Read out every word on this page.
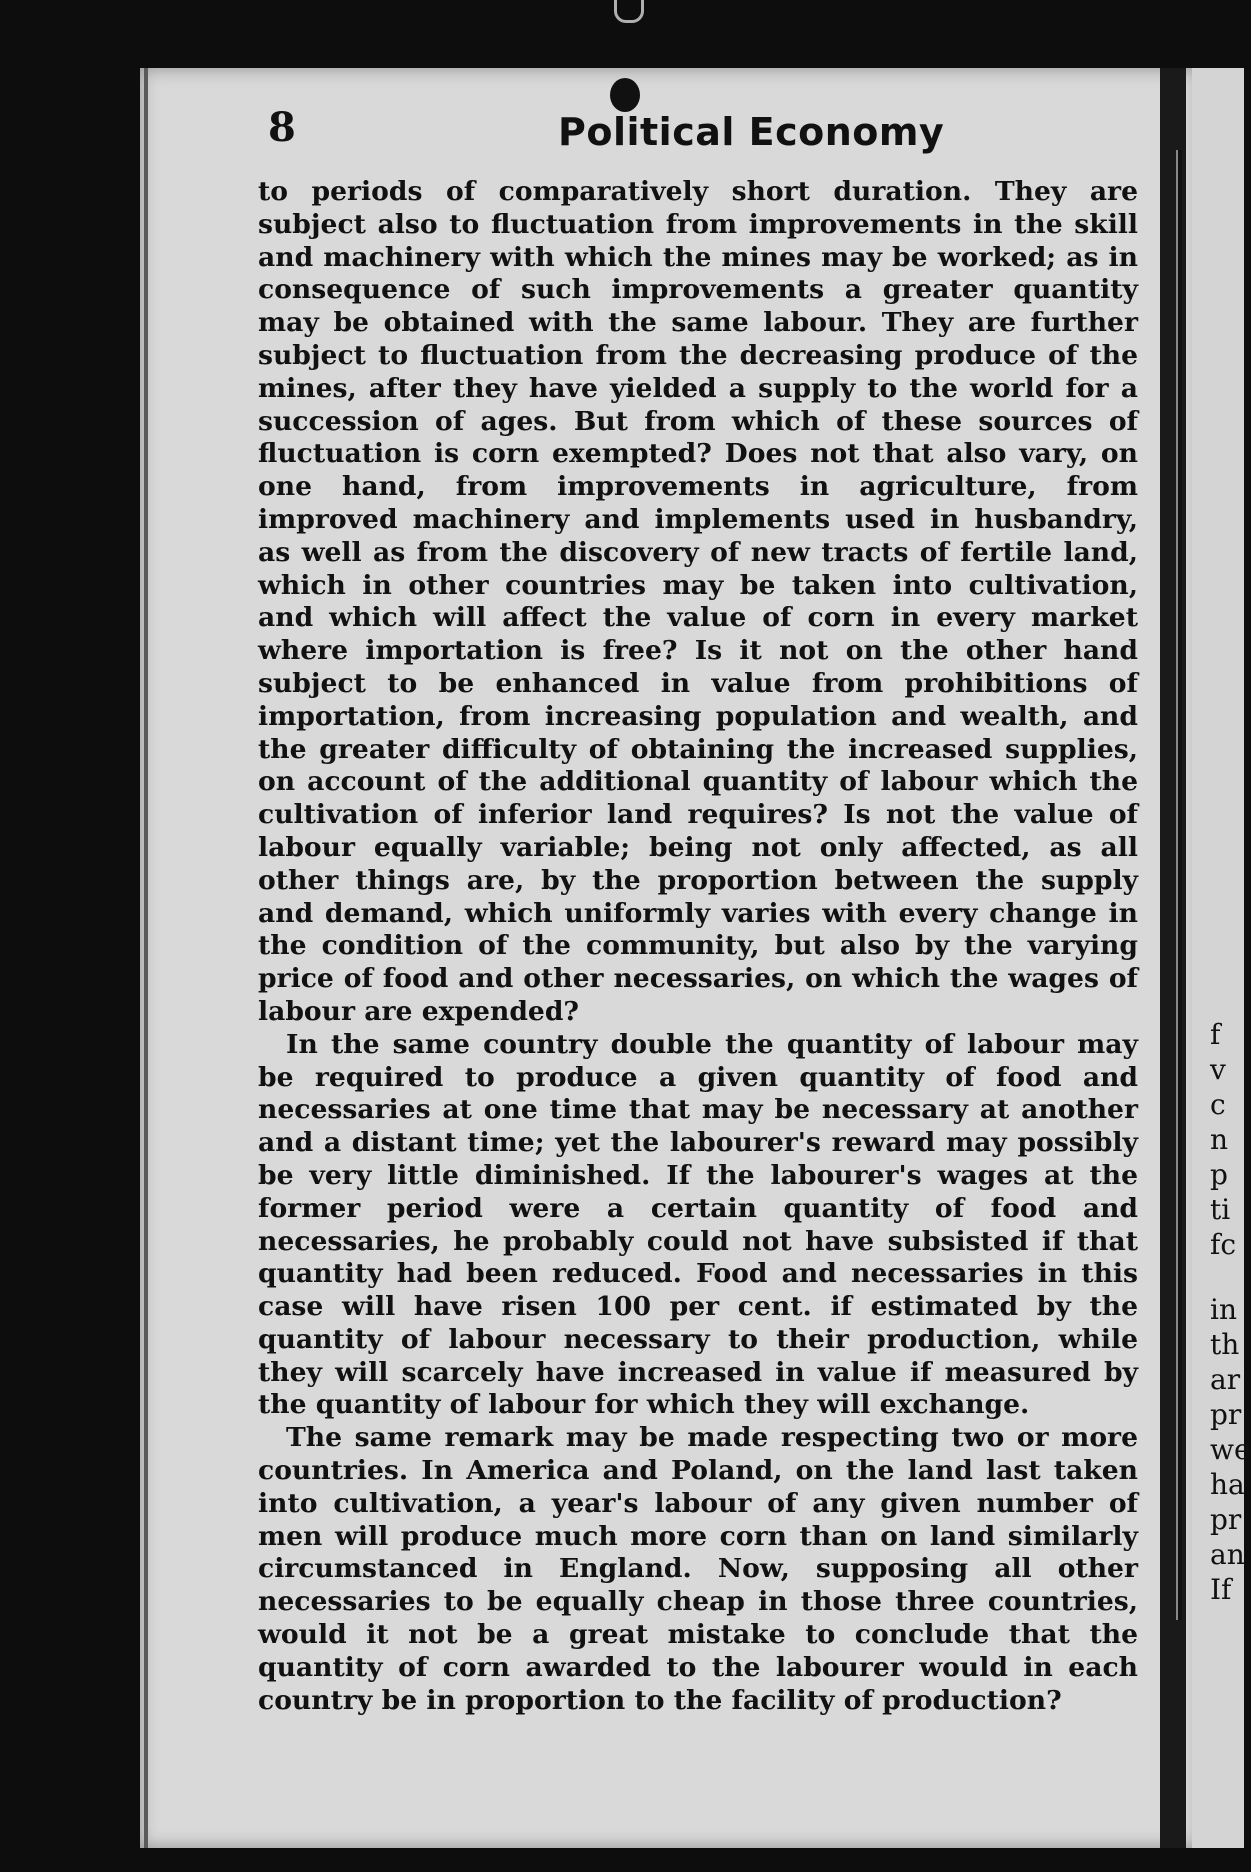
8	Political Economy

to periods of comparatively short duration. They are subject also to fluctuation from improvements in the skill and machinery with which the mines may be worked; as in consequence of such improvements a greater quantity may be obtained with the same labour. They are further subject to fluctuation from the decreasing produce of the mines, after they have yielded a supply to the world for a succession of ages. But from which of these sources of fluctuation is corn exempted? Does not that also vary, on one hand, from improvements in agriculture, from improved machinery and implements used in husbandry, as well as from the discovery of new tracts of fertile land, which in other countries may be taken into cultivation, and which will affect the value of corn in every market where importation is free? Is it not on the other hand subject to be enhanced in value from prohibitions of importation, from increasing population and wealth, and the greater difficulty of obtaining the increased supplies, on account of the additional quantity of labour which the cultivation of inferior land requires? Is not the value of labour equally variable; being not only affected, as all other things are, by the proportion between the supply and demand, which uniformly varies with every change in the condition of the community, but also by the varying price of food and other necessaries, on which the wages of labour are expended?

In the same country double the quantity of labour may be required to produce a given quantity of food and necessaries at one time that may be necessary at another and a distant time; yet the labourer's reward may possibly be very little diminished. If the labourer's wages at the former period were a certain quantity of food and necessaries, he probably could not have subsisted if that quantity had been reduced. Food and necessaries in this case will have risen 100 per cent. if estimated by the quantity of labour necessary to their production, while they will scarcely have increased in value if measured by the quantity of labour for which they will exchange.

The same remark may be made respecting two or more countries. In America and Poland, on the land last taken into cultivation, a year's labour of any given number of men will produce much more corn than on land similarly circumstanced in England. Now, supposing all other necessaries to be equally cheap in those three countries, would it not be a great mistake to conclude that the quantity of corn awarded to the labourer would in each country be in proportion to the facility of production?

f
v
c
n
p
ti
fc
in
th
ar
pr
we
ha
pr
an
If
